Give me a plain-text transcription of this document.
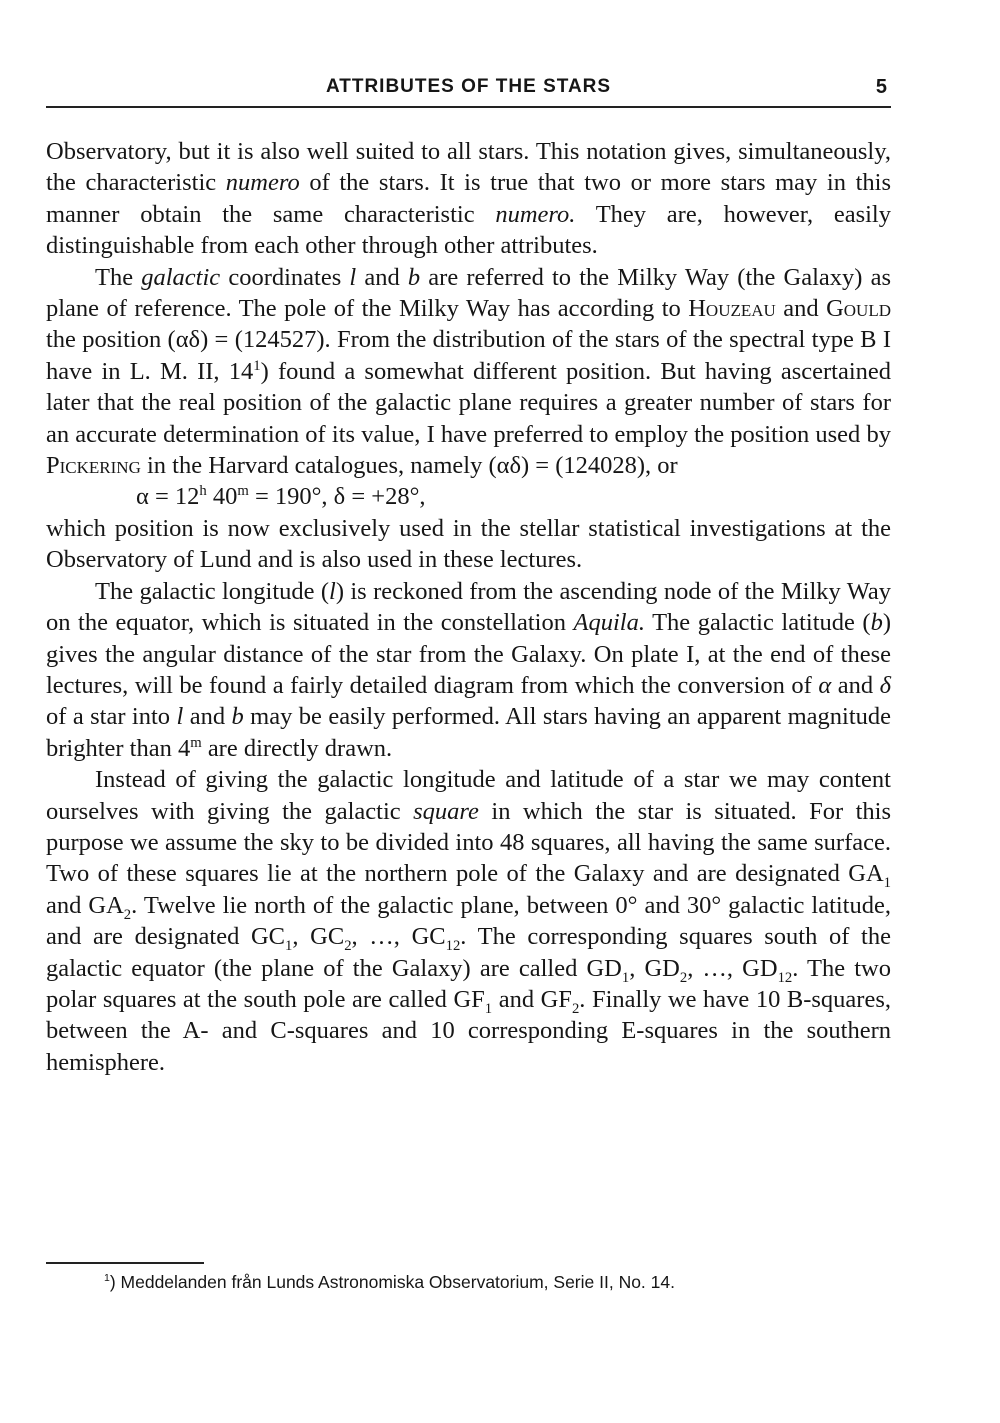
ATTRIBUTES OF THE STARS	5

Observatory, but it is also well suited to all stars. This notation gives, simultaneously, the characteristic numero of the stars. It is true that two or more stars may in this manner obtain the same characteristic numero. They are, however, easily distinguishable from each other through other attributes.

The galactic coordinates l and b are referred to the Milky Way (the Galaxy) as plane of reference. The pole of the Milky Way has according to Houzeau and Gould the position (αδ) = (124527). From the distribution of the stars of the spectral type B I have in L. M. II, $14^1$) found a somewhat different position. But having ascertained later that the real position of the galactic plane requires a greater number of stars for an accurate determination of its value, I have preferred to employ the position used by Pickering in the Harvard catalogues, namely (αδ) = (124028), or

$\alpha = 12^h$ $40^m = 190^\circ$, δ = +28°,

which position is now exclusively used in the stellar statistical investigations at the Observatory of Lund and is also used in these lectures.

The galactic longitude (l) is reckoned from the ascending node of the Milky Way on the equator, which is situated in the constellation Aquila. The galactic latitude (b) gives the angular distance of the star from the Galaxy. On plate I, at the end of these lectures, will be found a fairly detailed diagram from which the conversion of α and δ of a star into l and b may be easily performed. All stars having an apparent magnitude brighter than 4$^m$ are directly drawn.

Instead of giving the galactic longitude and latitude of a star we may content ourselves with giving the galactic square in which the star is situated. For this purpose we assume the sky to be divided into 48 squares, all having the same surface. Two of these squares lie at the northern pole of the Galaxy and are designated $GA_1$ and $GA_2$. Twelve lie north of the galactic plane, between 0° and 30° galactic latitude, and are designated $GC_1$, $GC_2$, …, $GC_{12}$. The corresponding squares south of the galactic equator (the plane of the Galaxy) are called $GD_1$, $GD_2$, …, $GD_{12}$. The two polar squares at the south pole are called $GF_1$ and $GF_2$. Finally we have 10 B-squares, between the A- and C-squares and 10 corresponding E-squares in the southern hemisphere.

$^1$) Meddelanden från Lunds Astronomiska Observatorium, Serie II, No. 14.
